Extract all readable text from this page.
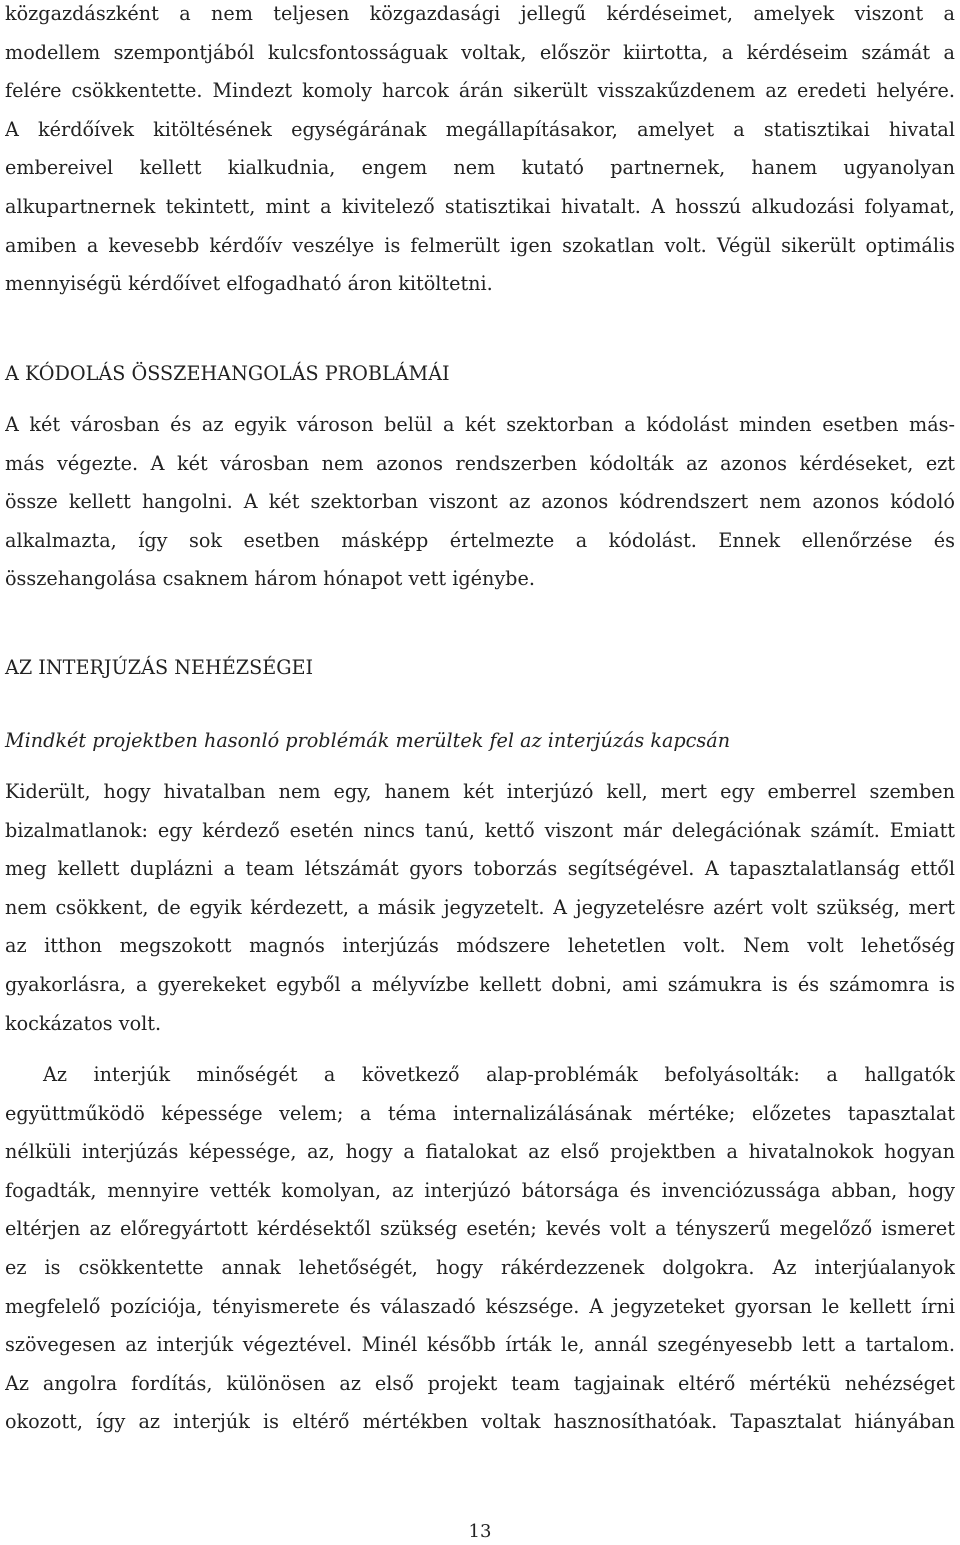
közgazdászként a nem teljesen közgazdasági jellegű kérdéseimet, amelyek viszont a
modellem szempontjából kulcsfontosságuak voltak, először kiirtotta, a kérdéseim számát a
felére csökkentette. Mindezt komoly harcok árán sikerült visszakűzdenem az eredeti helyére.
A kérdőívek kitöltésének egységárának megállapításakor, amelyet a statisztikai hivatal
embereivel kellett kialkudnia, engem nem kutató partnernek, hanem ugyanolyan
alkupartnernek tekintett, mint a kivitelező statisztikai hivatalt. A hosszú alkudozási folyamat,
amiben a kevesebb kérdőív veszélye is felmerült igen szokatlan volt. Végül sikerült optimális
mennyiségü kérdőívet elfogadható áron kitöltetni.
A KÓDOLÁS ÖSSZEHANGOLÁS PROBLÁMÁI
A két városban és az egyik városon belül a két szektorban a kódolást minden esetben más-
más végezte. A két városban nem azonos rendszerben kódolták az azonos kérdéseket, ezt
össze kellett hangolni. A két szektorban viszont az azonos kódrendszert nem azonos kódoló
alkalmazta, így sok esetben másképp értelmezte a kódolást. Ennek ellenőrzése és
összehangolása csaknem három hónapot vett igénybe.
AZ INTERJÚZÁS NEHÉZSÉGEI
Mindkét projektben hasonló problémák merültek fel az interjúzás kapcsán
Kiderült, hogy hivatalban nem egy, hanem két interjúzó kell, mert egy emberrel szemben
bizalmatlanok: egy kérdező esetén nincs tanú, kettő viszont már delegációnak számít. Emiatt
meg kellett duplázni a team létszámát gyors toborzás segítségével. A tapasztalatlanság ettől
nem csökkent, de egyik kérdezett, a másik jegyzetelt. A jegyzetelésre azért volt szükség, mert
az itthon megszokott magnós interjúzás módszere lehetetlen volt. Nem volt lehetőség
gyakorlásra, a gyerekeket egyből a mélyvízbe kellett dobni, ami számukra is és számomra is
kockázatos volt.
Az interjúk minőségét a következő alap-problémák befolyásolták: a hallgatók
együttműködö képessége velem; a téma internalizálásának mértéke; előzetes tapasztalat
nélküli interjúzás képessége, az, hogy a fiatalokat az első projektben a hivatalnokok hogyan
fogadták, mennyire vették komolyan, az interjúzó bátorsága és invenciózussága abban, hogy
eltérjen az előregyártott kérdésektől szükség esetén; kevés volt a tényszerű megelőző ismeret
ez is csökkentette annak lehetőségét, hogy rákérdezzenek dolgokra. Az interjúalanyok
megfelelő pozíciója, tényismerete és válaszadó készsége. A jegyzeteket gyorsan le kellett írni
szövegesen az interjúk végeztével. Minél később írták le, annál szegényesebb lett a tartalom.
Az angolra fordítás, különösen az első projekt team tagjainak eltérő mértékü nehézséget
okozott, így az interjúk is eltérő mértékben voltak hasznosíthatóak. Tapasztalat hiányában
13
